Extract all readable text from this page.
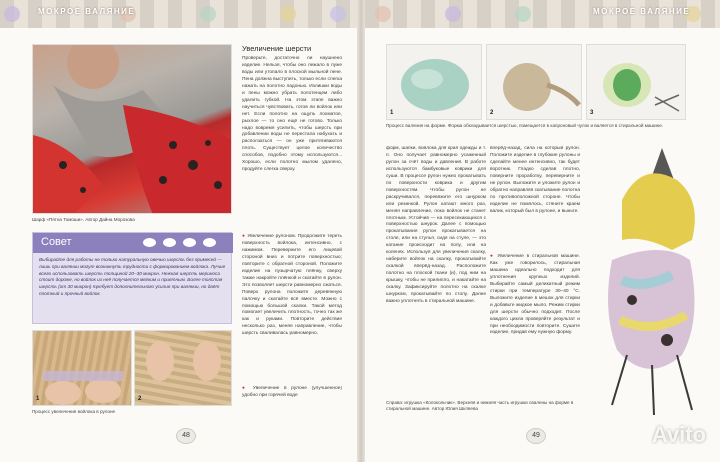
МОКРОЕ ВАЛЯНИЕ	МОКРОЕ ВАЛЯНИЕ
Шарф «Пятна Томоши». Автор Дайна Морозова
Увеличение шерсти
Проверьте, достаточно ли наушнено изделие. Нельзя, чтобы оно лежало в луже воды или утопало в плоской мыльной пене. Пена должна выступить, только если слегка нажать на полотно ладонью. Излишки воды и пены можно убрать полотенцем либо удалить губкой. На этом этапе важно научиться чувствовать, готов ли войлок или нет. Если полотно на ощупь лохматое, рыхлое — то оно ещё не готово. Только надо вовремя усилить, чтобы шерсть при добавлении воды не перестала набухать и расползаться — он уже притягиваются плоть. Существует целое количество способов, подобно этому используются... Хорошо, если полотно мылом удалено, продуйте слегка сверху.
Совет
Выбирайте для работы не только натуральную овечью шерсть без примесей — лишь при валянии могут возникнуть трудности с формированием войлока. Лучше всего использовать шерсть толщиной 20–30 микрон. Нежная шерсть мериноса стоит дороже, но войлок из неё получается мягким и приятным. Более толстая шерсть (от 30 микрон) требует дополнительного усилия при валянии, но даёт плотный и прочный войлок.
● Увеличение рулоном. Продолжите тереть поверхность войлока, интенсивно, с нажимом. Переверните его лицевой стороной вниз и потрите поверхностью; повторите с обратной стороной. Положите изделие на пузырчатую плёнку, сверху также накройте плёнкой и скатайте в рулон. Это позволяет шерсти равномерно сжаться. Поверх рулона положите деревянную палочку и скатайте всё вместе. Можно с помощью большой скалки. Такой метод помогает увеличить плотность, точно так же как и руками. Повторите действие несколько раз, меняя направление, чтобы шерсть сваливалась равномерно.
● Увеличение в рулоне (улучшенное) удобно при горячей воде
1	2
Процесс увеличения войлока в рулоне
48
1	2	3
Процесс валяния на форме. Форма обкладывается шерстью, помещается в капроновый чулок и валяется в стиральной машине.
форм, шапки, войлока для края одежды и т. п. Оно получает равномерно усаженный рулон за счёт воды и давления. В работе используются бамбуковые коврики для суши. В процессе рулон нужно прокатывать по поверхности коврика и другим поверхностям. Чтобы рулон не раскручивался, перевяжите его шнурком или резинкой. Рулон катают много раз, меняя направление, пока войлок не станет плотным. Устойчив — на пересекающихся с поверхностью шнурок. Далее с помощью прокатывания рулон прокатывается на столе, или на стулья, сидя на стуле, — это катание происходит на полу, или на коленях. Используя для увеличения скалку, наберите войлок на скалку, прокатывайте скалкой вперёд-назад. Расположите полотно на плоской ткани (и), под ним на крышку, чтобы не прилипло, и накатайте на скалку. Зафиксируйте полотно на скалке шнурком, прокатывайте по столу. Далее важно уплотнять в стиральной машине.
вперёд-назад, сила на который рулон. Положите изделие в глубокие рулоны и сделайте менее интенсивно, так будет воротник. Гладко сделав плотно, поверните проработку, переверните и не рулон. Выложите и уложите рулон и обратно направляя скатывание полотна по противоположной стороне. Чтобы изделие не помялось, стяните краем валик, который был в рулоне, и выньте.
● Увеличение в стиральной машине. Как уже говорилось, стиральная машина идеально подходит для уплотнения крупных изделий. Выбирайте самый деликатный режим стирки при температуре 30–40 °С. Выложите изделие в мешок для стирки и добавьте жидкое мыло. Режим стирки для шерсти обычно подходит. После каждого цикла проверяйте результат и при необходимости повторите. Сушите изделие, придав ему нужную форму.
Справа: игрушка «Колокольчик». Верхняя и нижняя часть игрушки свалены на форме в стиральной машине. Автор Юлия Шкляева
49	Avito
